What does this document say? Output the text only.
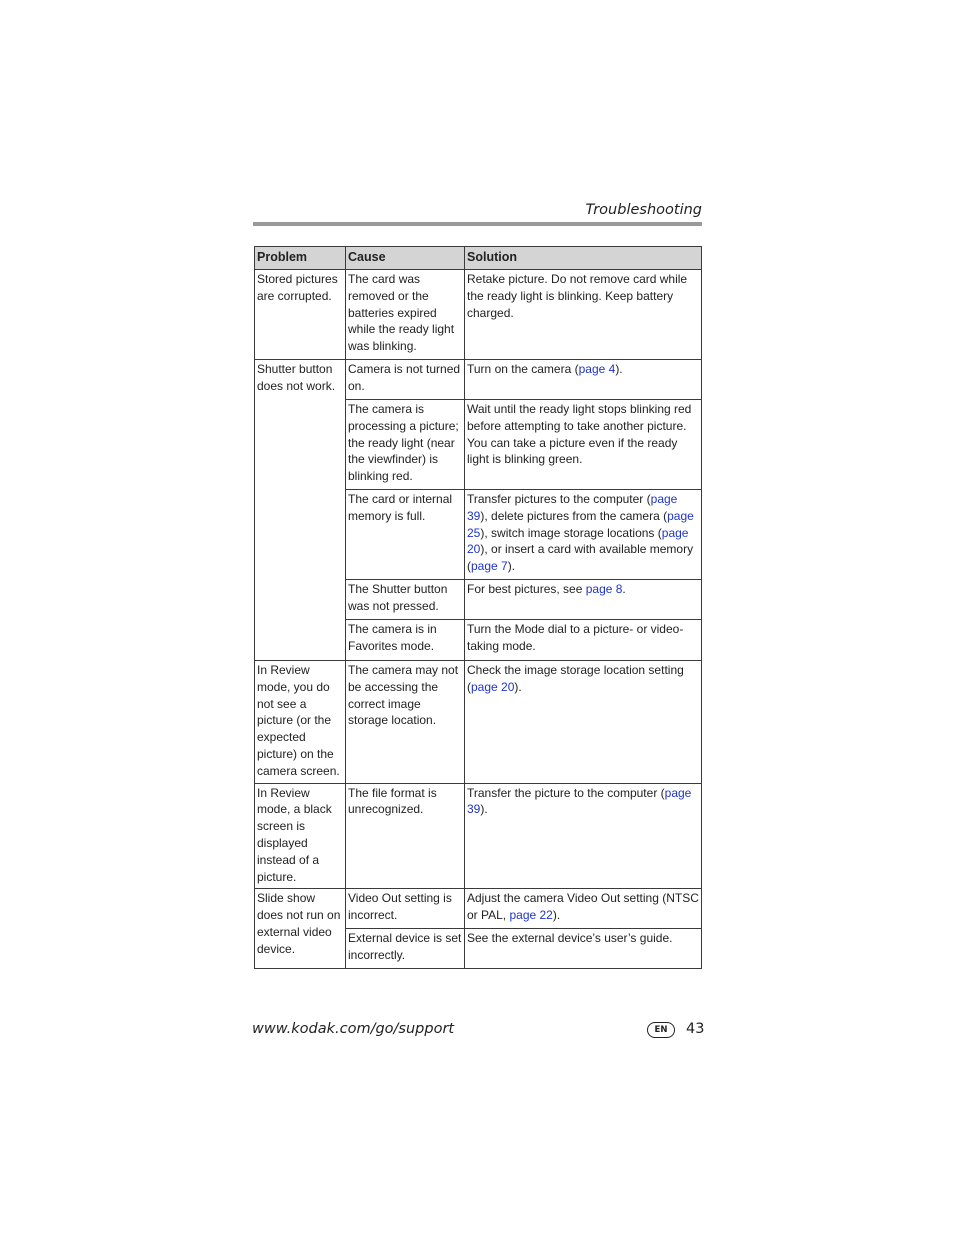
Troubleshooting
Problem	Cause	Solution
Stored pictures are corrupted.	The card was removed or the batteries expired while the ready light was blinking.	Retake picture. Do not remove card while the ready light is blinking. Keep battery charged.
Shutter button does not work.	Camera is not turned on.	Turn on the camera (page 4).
	The camera is processing a picture; the ready light (near the viewfinder) is blinking red.	Wait until the ready light stops blinking red before attempting to take another picture. You can take a picture even if the ready light is blinking green.
	The card or internal memory is full.	Transfer pictures to the computer (page 39), delete pictures from the camera (page 25), switch image storage locations (page 20), or insert a card with available memory (page 7).
	The Shutter button was not pressed.	For best pictures, see page 8.
	The camera is in Favorites mode.	Turn the Mode dial to a picture- or video-taking mode.
In Review mode, you do not see a picture (or the expected picture) on the camera screen.	The camera may not be accessing the correct image storage location.	Check the image storage location setting (page 20).
In Review mode, a black screen is displayed instead of a picture.	The file format is unrecognized.	Transfer the picture to the computer (page 39).
Slide show does not run on external video device.	Video Out setting is incorrect.	Adjust the camera Video Out setting (NTSC or PAL, page 22).
	External device is set incorrectly.	See the external device’s user’s guide.
www.kodak.com/go/support	EN	43
